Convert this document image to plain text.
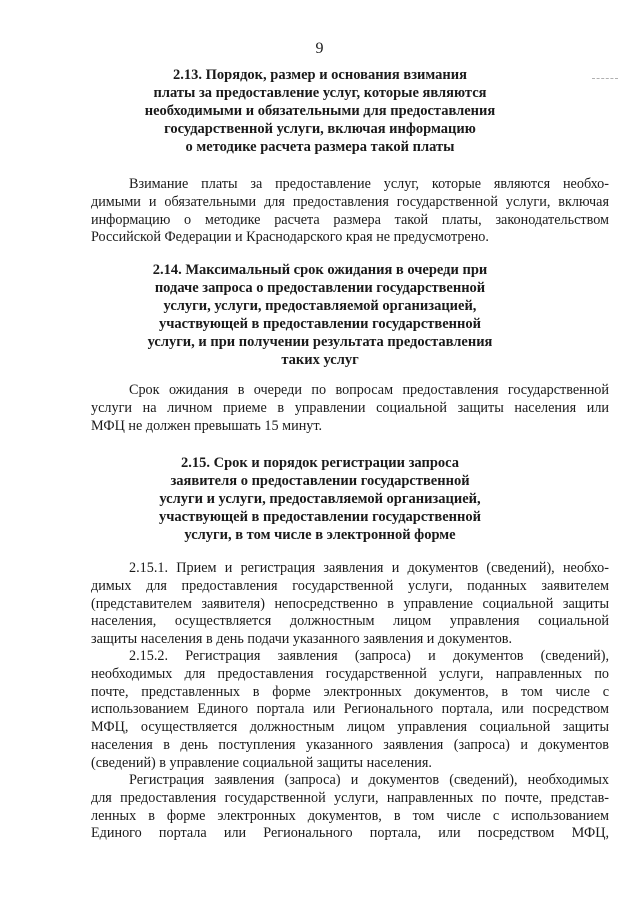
9
2.13. Порядок, размер и основания взимания
платы за предоставление услуг, которые являются
необходимыми и обязательными для предоставления
государственной услуги, включая информацию
о методике расчета размера такой платы
Взимание платы за предоставление услуг, которые являются необхо-
димыми и обязательными для предоставления государственной услуги, включая
информацию о методике расчета размера такой платы, законодательством
Российской Федерации и Краснодарского края не предусмотрено.
2.14. Максимальный срок ожидания в очереди при
подаче запроса о предоставлении государственной
услуги, услуги, предоставляемой организацией,
участвующей в предоставлении государственной
услуги, и при получении результата предоставления
таких услуг
Срок ожидания в очереди по вопросам предоставления государственной
услуги на личном приеме в управлении социальной защиты населения или
МФЦ не должен превышать 15 минут.
2.15. Срок и порядок регистрации запроса
заявителя о предоставлении государственной
услуги и услуги, предоставляемой организацией,
участвующей в предоставлении государственной
услуги, в том числе в электронной форме
2.15.1. Прием и регистрация заявления и документов (сведений), необхо-
димых для предоставления государственной услуги, поданных заявителем
(представителем заявителя) непосредственно в управление социальной защиты
населения, осуществляется должностным лицом управления социальной
защиты населения в день подачи указанного заявления и документов.
2.15.2. Регистрация заявления (запроса) и документов (сведений),
необходимых для предоставления государственной услуги, направленных по
почте, представленных в форме электронных документов, в том числе с
использованием Единого портала или Регионального портала, или посредством
МФЦ, осуществляется должностным лицом управления социальной защиты
населения в день поступления указанного заявления (запроса) и документов
(сведений) в управление социальной защиты населения.
Регистрация заявления (запроса) и документов (сведений), необходимых
для предоставления государственной услуги, направленных по почте, представ-
ленных в форме электронных документов, в том числе с использованием
Единого портала или Регионального портала, или посредством МФЦ,
